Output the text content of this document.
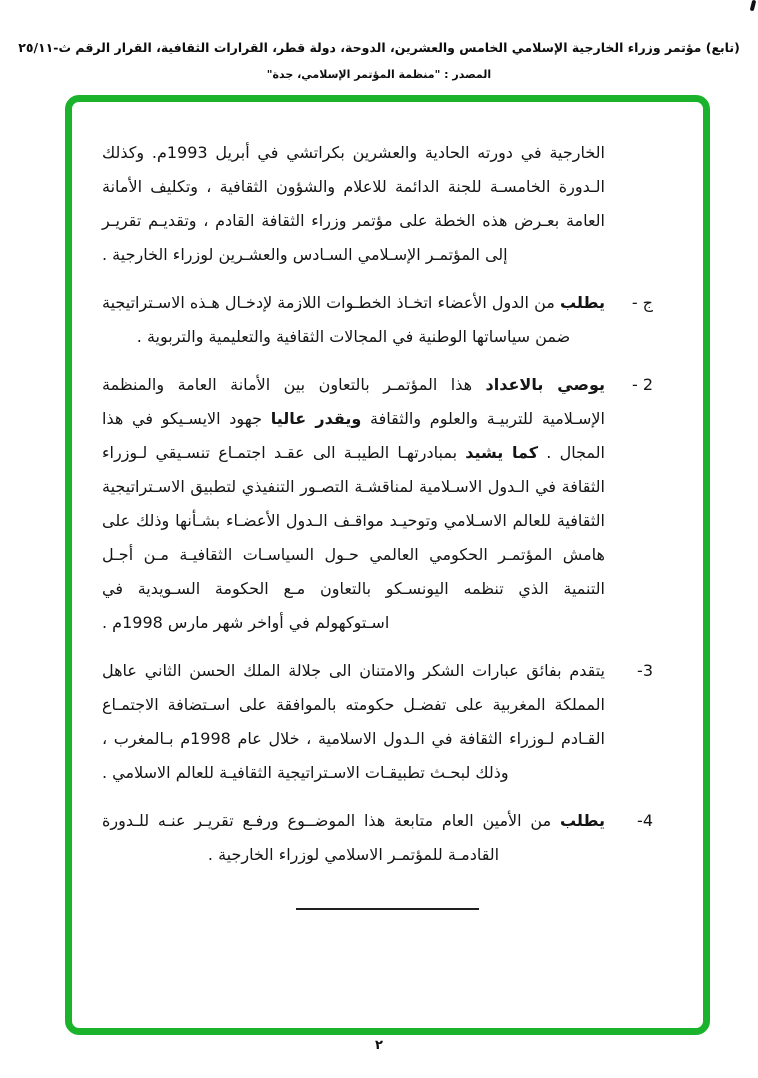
(تابع) مؤتمر وزراء الخارجية الإسلامي الخامس والعشرين، الدوحة، دولة قطر، القرارات الثقافية، القرار الرقم ٢٥/١١-ث
المصدر : "منظمة المؤتمر الإسلامي، جدة"
الخارجية في دورته الحادية والعشرين بكراتشي في أبريل 1993م. وكذلك الـدورة الخامسـة للجنة الدائمة للاعلام والشؤون الثقافية ، وتكليف الأمانة العامة بعـرض هذه الخطة على مؤتمر وزراء الثقافة القادم ، وتقديـم تقريـر إلى المؤتمـر الإسـلامي السـادس والعشـرين لوزراء الخارجية .
ج -
يطلب من الدول الأعضاء اتخـاذ الخطـوات اللازمة لإدخـال هـذه الاسـتراتيجية ضمن سياساتها الوطنية في المجالات الثقافية والتعليمية والتربوية .
2 -
يوصي بالاعداد هذا المؤتمـر بالتعاون بين الأمانة العامة والمنظمة الإسـلامية للتربيـة والعلوم والثقافة ويقدر عاليا جهود الايسـيكو في هذا المجال . كما يشيد بمبادرتهـا الطيبـة الى عقـد اجتمـاع تنسـيقي لـوزراء الثقافة في الـدول الاسـلامية لمناقشـة التصـور التنفيذي لتطبيق الاسـتراتيجية الثقافية للعالم الاسـلامي وتوحيـد مواقـف الـدول الأعضـاء بشـأنها وذلك على هامش المؤتمـر الحكومي العالمي حـول السياسـات الثقافيـة مـن أجـل التنمية الذي تنظمه اليونسـكو بالتعاون مـع الحكومة السـويدية في اسـتوكهولم في أواخر شهر مارس 1998م .
3-
يتقدم بفائق عبارات الشكر والامتنان الى جلالة الملك الحسن الثاني عاهل المملكة المغربية على تفضـل حكومته بالموافقة على اسـتضافة الاجتمـاع القـادم لـوزراء الثقافة في الـدول الاسلامية ، خلال عام 1998م بـالمغرب ، وذلك لبحـث تطبيقـات الاسـتراتيجية الثقافيـة للعالم الاسلامي .
4-
يطلب من الأمين العام متابعة هذا الموضــوع ورفـع تقريـر عنـه للـدورة القادمـة للمؤتمـر الاسلامي لوزراء الخارجية .
٢
